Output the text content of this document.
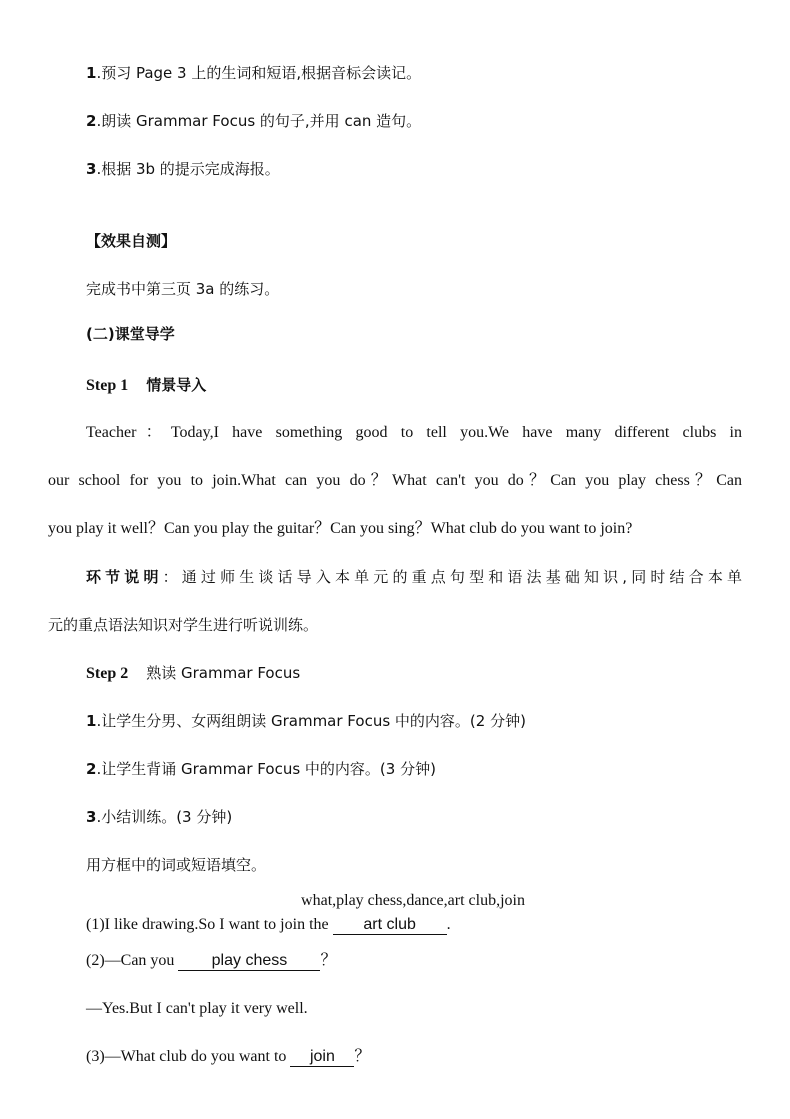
1.预习 Page 3 上的生词和短语,根据音标会读记。
2.朗读 Grammar Focus 的句子,并用 can 造句。
3.根据 3b 的提示完成海报。
【效果自测】
完成书中第三页 3a 的练习。
(二)课堂导学
Step 1 情景导入
Teacher：Today,I have something good to tell you.We have many different clubs in
our school for you to join.What can you do？What can't you do？Can you play chess？Can
you play it well？Can you play the guitar？Can you sing？What club do you want to join?
环节说明：通过师生谈话导入本单元的重点句型和语法基础知识,同时结合本单
元的重点语法知识对学生进行听说训练。
Step 2 熟读 Grammar Focus
1.让学生分男、女两组朗读 Grammar Focus 中的内容。(2 分钟)
2.让学生背诵 Grammar Focus 中的内容。(3 分钟)
3.小结训练。(3 分钟)
用方框中的词或短语填空。
what,play chess,dance,art club,join
(1)I like drawing.So I want to join the art club .
(2)—Can you play chess ？
—Yes.But I can't play it very well.
(3)—What club do you want to join ？
